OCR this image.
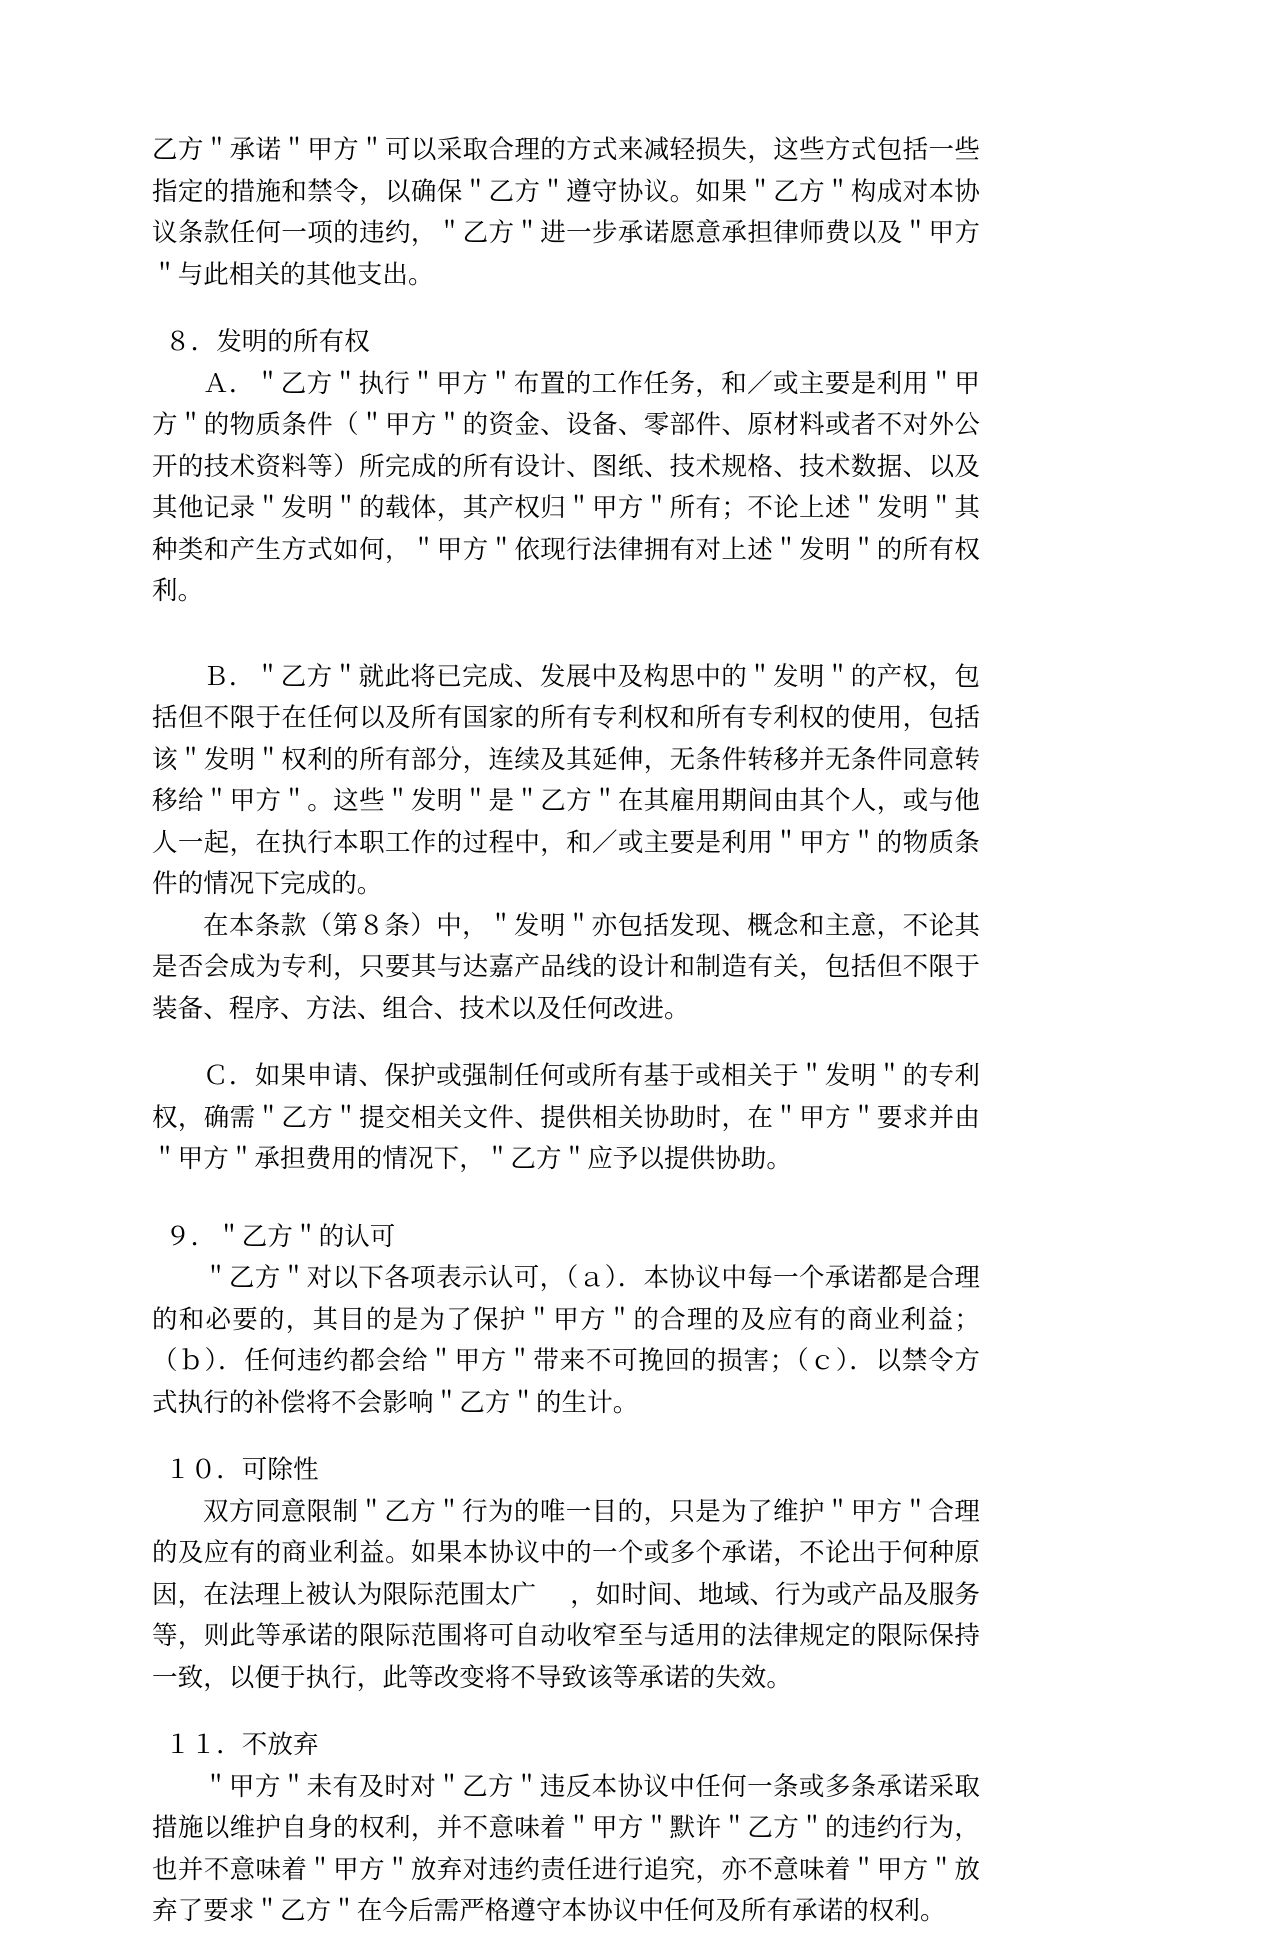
乙方＂承诺＂甲方＂可以采取合理的方式来减轻损失，这些方式包括一些指定的措施和禁令，以确保＂乙方＂遵守协议。如果＂乙方＂构成对本协议条款任何一项的违约，＂乙方＂进一步承诺愿意承担律师费以及＂甲方＂与此相关的其他支出。

８．发明的所有权

Ａ．＂乙方＂执行＂甲方＂布置的工作任务，和／或主要是利用＂甲方＂的物质条件（＂甲方＂的资金、设备、零部件、原材料或者不对外公开的技术资料等）所完成的所有设计、图纸、技术规格、技术数据、以及其他记录＂发明＂的载体，其产权归＂甲方＂所有；不论上述＂发明＂其种类和产生方式如何，＂甲方＂依现行法律拥有对上述＂发明＂的所有权利。

Ｂ．＂乙方＂就此将已完成、发展中及构思中的＂发明＂的产权，包括但不限于在任何以及所有国家的所有专利权和所有专利权的使用，包括该＂发明＂权利的所有部分，连续及其延伸，无条件转移并无条件同意转移给＂甲方＂。这些＂发明＂是＂乙方＂在其雇用期间由其个人，或与他人一起，在执行本职工作的过程中，和／或主要是利用＂甲方＂的物质条件的情况下完成的。

在本条款（第８条）中，＂发明＂亦包括发现、概念和主意，不论其是否会成为专利，只要其与达嘉产品线的设计和制造有关，包括但不限于装备、程序、方法、组合、技术以及任何改进。

Ｃ．如果申请、保护或强制任何或所有基于或相关于＂发明＂的专利权，确需＂乙方＂提交相关文件、提供相关协助时，在＂甲方＂要求并由＂甲方＂承担费用的情况下，＂乙方＂应予以提供协助。

９．＂乙方＂的认可

＂乙方＂对以下各项表示认可，（ａ）．本协议中每一个承诺都是合理的和必要的，其目的是为了保护＂甲方＂的合理的及应有的商业利益；（ｂ）．任何违约都会给＂甲方＂带来不可挽回的损害；（ｃ）．以禁令方式执行的补偿将不会影响＂乙方＂的生计。

１０．可除性

双方同意限制＂乙方＂行为的唯一目的，只是为了维护＂甲方＂合理的及应有的商业利益。如果本协议中的一个或多个承诺，不论出于何种原因，在法理上被认为限际范围太广 ，如时间、地域、行为或产品及服务等，则此等承诺的限际范围将可自动收窄至与适用的法律规定的限际保持一致，以便于执行，此等改变将不导致该等承诺的失效。

１１．不放弃

＂甲方＂未有及时对＂乙方＂违反本协议中任何一条或多条承诺采取措施以维护自身的权利，并不意味着＂甲方＂默许＂乙方＂的违约行为，也并不意味着＂甲方＂放弃对违约责任进行追究，亦不意味着＂甲方＂放弃了要求＂乙方＂在今后需严格遵守本协议中任何及所有承诺的权利。
